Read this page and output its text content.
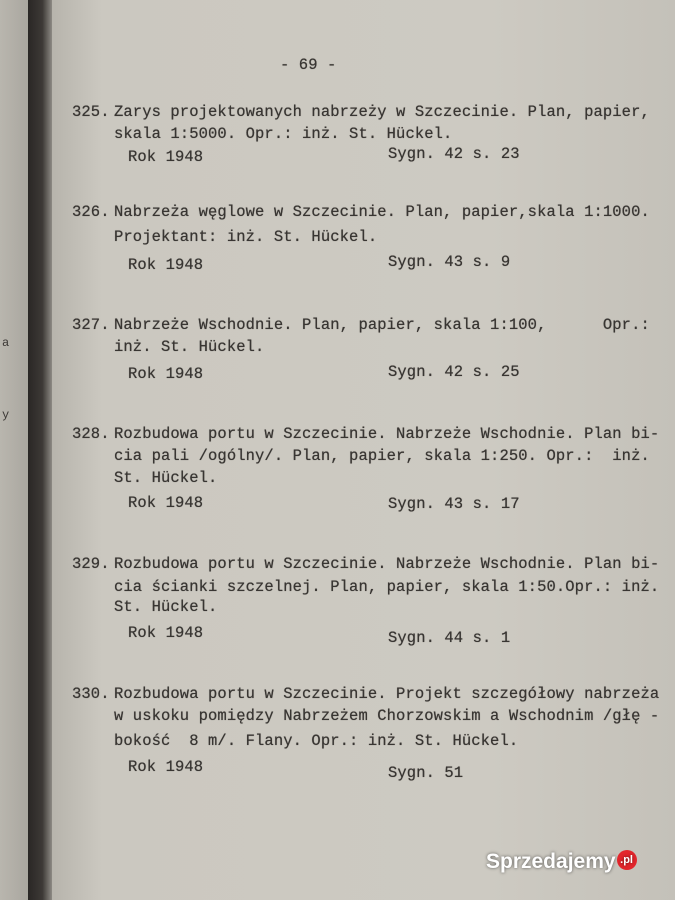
a
y
- 69 -
325. Zarys projektowanych nabrzeży w Szczecinie. Plan, papier,
skala 1:5000. Opr.: inż. St. Hückel.
Rok 1948	Sygn. 42 s. 23
326. Nabrzeża węglowe w Szczecinie. Plan, papier,skala 1:1000.
Projektant: inż. St. Hückel.
Rok 1948	Sygn. 43 s. 9
327. Nabrzeże Wschodnie. Plan, papier, skala 1:100,      Opr.:
inż. St. Hückel.
Rok 1948	Sygn. 42 s. 25
328. Rozbudowa portu w Szczecinie. Nabrzeże Wschodnie. Plan bi-
cia pali /ogólny/. Plan, papier, skala 1:250. Opr.:  inż.
St. Hückel.
Rok 1948	Sygn. 43 s. 17
329. Rozbudowa portu w Szczecinie. Nabrzeże Wschodnie. Plan bi-
cia ścianki szczelnej. Plan, papier, skala 1:50.Opr.: inż.
St. Hückel.
Rok 1948	Sygn. 44 s. 1
330. Rozbudowa portu w Szczecinie. Projekt szczegółowy nabrzeża
w uskoku pomiędzy Nabrzeżem Chorzowskim a Wschodnim /głę -
bokość  8 m/. Flany. Opr.: inż. St. Hückel.
Rok 1948	Sygn. 51
Sprzedajemy .pl
